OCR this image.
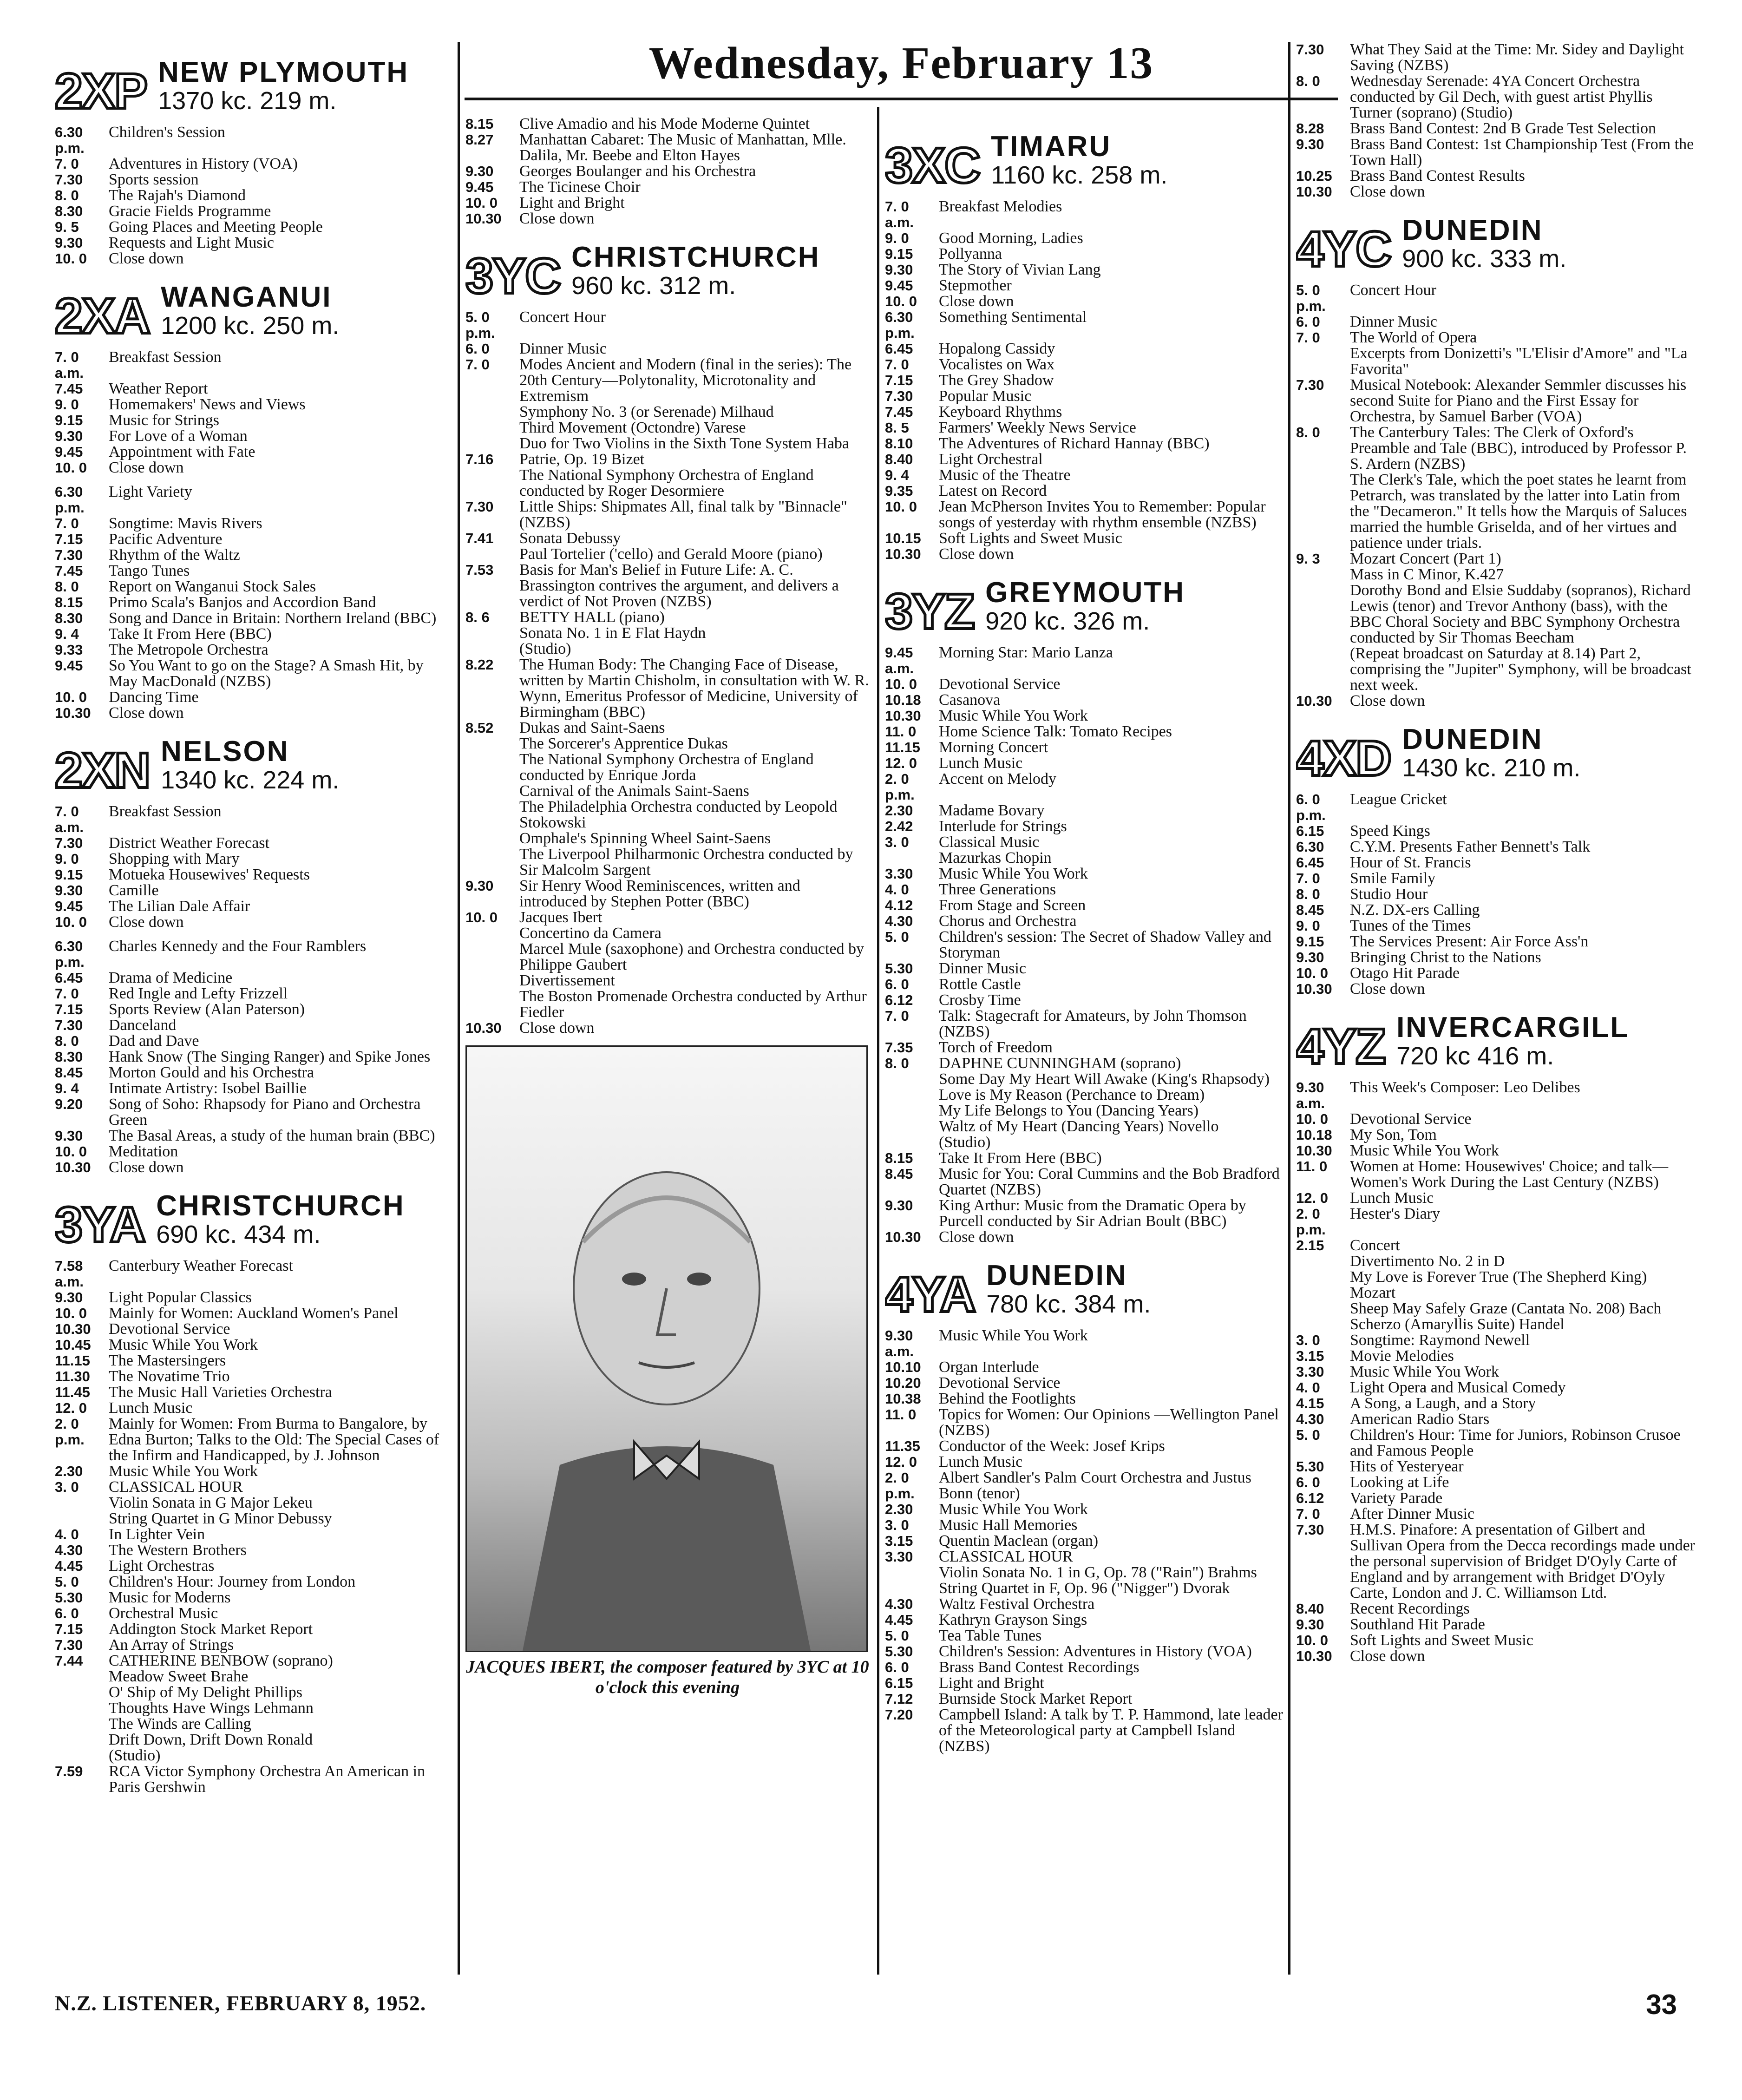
Wednesday, February 13
2XP NEW PLYMOUTH
1370 kc. 219 m.
6.30 p.m.
Children's Session
7. 0	Adventures in History (VOA)
7.30	Sports session
8. 0	The Rajah's Diamond
8.30	Gracie Fields Programme
9. 5	Going Places and Meeting People
9.30	Requests and Light Music
10. 0	Close down
2XA WANGANUI
1200 kc. 250 m.
7. 0 a.m.
Breakfast Session
7.45	Weather Report
9. 0	Homemakers' News and Views
9.15	Music for Strings
9.30	For Love of a Woman
9.45	Appointment with Fate
10. 0	Close down
6.30 p.m.
Light Variety
7. 0	Songtime: Mavis Rivers
7.15	Pacific Adventure
7.30	Rhythm of the Waltz
7.45	Tango Tunes
8. 0	Report on Wanganui Stock Sales
8.15	Primo Scala's Banjos and Accordion Band
8.30	Song and Dance in Britain: Northern Ireland (BBC)
9. 4	Take It From Here (BBC)
9.33	The Metropole Orchestra
9.45	So You Want to go on the Stage? A Smash Hit, by May MacDonald (NZBS)
10. 0	Dancing Time
10.30	Close down
2XN NELSON
1340 kc. 224 m.
7. 0 a.m.
Breakfast Session
7.30	District Weather Forecast
9. 0	Shopping with Mary
9.15	Motueka Housewives' Requests
9.30	Camille
9.45	The Lilian Dale Affair
10. 0	Close down
6.30 p.m.
Charles Kennedy and the Four Ramblers
6.45	Drama of Medicine
7. 0	Red Ingle and Lefty Frizzell
7.15	Sports Review (Alan Paterson)
7.30	Danceland
8. 0	Dad and Dave
8.30	Hank Snow (The Singing Ranger) and Spike Jones
8.45	Morton Gould and his Orchestra
9. 4	Intimate Artistry: Isobel Baillie
9.20	Song of Soho: Rhapsody for Piano and Orchestra Green
9.30	The Basal Areas, a study of the human brain (BBC)
10. 0	Meditation
10.30	Close down
3YA CHRISTCHURCH
690 kc. 434 m.
7.58 a.m.
Canterbury Weather Forecast
9.30	Light Popular Classics
10. 0	Mainly for Women: Auckland Women's Panel
10.30	Devotional Service
10.45	Music While You Work
11.15	The Mastersingers
11.30	The Novatime Trio
11.45	The Music Hall Varieties Orchestra
12. 0	Lunch Music
2. 0 p.m.
Mainly for Women: From Burma to Bangalore, by Edna Burton; Talks to the Old: The Special Cases of the Infirm and Handicapped, by J. Johnson
2.30	Music While You Work
3. 0	CLASSICAL HOUR
Violin Sonata in G Major Lekeu
String Quartet in G Minor Debussy
4. 0	In Lighter Vein
4.30	The Western Brothers
4.45	Light Orchestras
5. 0	Children's Hour: Journey from London
5.30	Music for Moderns
6. 0	Orchestral Music
7.15	Addington Stock Market Report
7.30	An Array of Strings
7.44	CATHERINE BENBOW (soprano)
Meadow Sweet Brahe
O' Ship of My Delight Phillips
Thoughts Have Wings Lehmann
The Winds are Calling
Drift Down, Drift Down Ronald
(Studio)
7.59	RCA Victor Symphony Orchestra An American in Paris Gershwin
8.15	Clive Amadio and his Mode Moderne Quintet
8.27	Manhattan Cabaret: The Music of Manhattan, Mlle. Dalila, Mr. Beebe and Elton Hayes
9.30	Georges Boulanger and his Orchestra
9.45	The Ticinese Choir
10. 0	Light and Bright
10.30	Close down
3YC CHRISTCHURCH
960 kc. 312 m.
5. 0 p.m.
Concert Hour
6. 0	Dinner Music
7. 0	Modes Ancient and Modern (final in the series): The 20th Century—Polytonality, Microtonality and Extremism
Symphony No. 3 (or Serenade) Milhaud
Third Movement (Octondre) Varese
Duo for Two Violins in the Sixth Tone System Haba
7.16	Patrie, Op. 19 Bizet
The National Symphony Orchestra of England conducted by Roger Desormiere
7.30	Little Ships: Shipmates All, final talk by "Binnacle" (NZBS)
7.41	Sonata Debussy
Paul Tortelier ('cello) and Gerald Moore (piano)
7.53	Basis for Man's Belief in Future Life: A. C. Brassington contrives the argument, and delivers a verdict of Not Proven (NZBS)
8. 6	BETTY HALL (piano)
Sonata No. 1 in E Flat Haydn
(Studio)
8.22	The Human Body: The Changing Face of Disease, written by Martin Chisholm, in consultation with W. R. Wynn, Emeritus Professor of Medicine, University of Birmingham (BBC)
8.52	Dukas and Saint-Saens
The Sorcerer's Apprentice Dukas
The National Symphony Orchestra of England conducted by Enrique Jorda
Carnival of the Animals Saint-Saens
The Philadelphia Orchestra conducted by Leopold Stokowski
Omphale's Spinning Wheel Saint-Saens
The Liverpool Philharmonic Orchestra conducted by Sir Malcolm Sargent
9.30	Sir Henry Wood Reminiscences, written and introduced by Stephen Potter (BBC)
10. 0	Jacques Ibert
Concertino da Camera
Marcel Mule (saxophone) and Orchestra conducted by Philippe Gaubert
Divertissement
The Boston Promenade Orchestra conducted by Arthur Fiedler
10.30	Close down
JACQUES IBERT, the composer featured by 3YC at 10 o'clock this evening
3XC TIMARU
1160 kc. 258 m.
7. 0 a.m.
Breakfast Melodies
9. 0	Good Morning, Ladies
9.15	Pollyanna
9.30	The Story of Vivian Lang
9.45	Stepmother
10. 0	Close down
6.30 p.m.
Something Sentimental
6.45	Hopalong Cassidy
7. 0	Vocalistes on Wax
7.15	The Grey Shadow
7.30	Popular Music
7.45	Keyboard Rhythms
8. 5	Farmers' Weekly News Service
8.10	The Adventures of Richard Hannay (BBC)
8.40	Light Orchestral
9. 4	Music of the Theatre
9.35	Latest on Record
10. 0	Jean McPherson Invites You to Remember: Popular songs of yesterday with rhythm ensemble (NZBS)
10.15	Soft Lights and Sweet Music
10.30	Close down
3YZ GREYMOUTH
920 kc. 326 m.
9.45 a.m.
Morning Star: Mario Lanza
10. 0	Devotional Service
10.18	Casanova
10.30	Music While You Work
11. 0	Home Science Talk: Tomato Recipes
11.15	Morning Concert
12. 0	Lunch Music
2. 0 p.m.
Accent on Melody
2.30	Madame Bovary
2.42	Interlude for Strings
3. 0	Classical Music
Mazurkas Chopin
3.30	Music While You Work
4. 0	Three Generations
4.12	From Stage and Screen
4.30	Chorus and Orchestra
5. 0	Children's session: The Secret of Shadow Valley and Storyman
5.30	Dinner Music
6. 0	Rottle Castle
6.12	Crosby Time
7. 0	Talk: Stagecraft for Amateurs, by John Thomson (NZBS)
7.35	Torch of Freedom
8. 0	DAPHNE CUNNINGHAM (soprano)
Some Day My Heart Will Awake (King's Rhapsody)
Love is My Reason (Perchance to Dream)
My Life Belongs to You (Dancing Years)
Waltz of My Heart (Dancing Years) Novello
(Studio)
8.15	Take It From Here (BBC)
8.45	Music for You: Coral Cummins and the Bob Bradford Quartet (NZBS)
9.30	King Arthur: Music from the Dramatic Opera by Purcell conducted by Sir Adrian Boult (BBC)
10.30	Close down
4YA DUNEDIN
780 kc. 384 m.
9.30 a.m.
Music While You Work
10.10	Organ Interlude
10.20	Devotional Service
10.38	Behind the Footlights
11. 0	Topics for Women: Our Opinions —Wellington Panel (NZBS)
11.35	Conductor of the Week: Josef Krips
12. 0	Lunch Music
2. 0 p.m.
Albert Sandler's Palm Court Orchestra and Justus Bonn (tenor)
2.30	Music While You Work
3. 0	Music Hall Memories
3.15	Quentin Maclean (organ)
3.30	CLASSICAL HOUR
Violin Sonata No. 1 in G, Op. 78 ("Rain") Brahms
String Quartet in F, Op. 96 ("Nigger") Dvorak
4.30	Waltz Festival Orchestra
4.45	Kathryn Grayson Sings
5. 0	Tea Table Tunes
5.30	Children's Session: Adventures in History (VOA)
6. 0	Brass Band Contest Recordings
6.15	Light and Bright
7.12	Burnside Stock Market Report
7.20	Campbell Island: A talk by T. P. Hammond, late leader of the Meteorological party at Campbell Island (NZBS)
7.30	What They Said at the Time: Mr. Sidey and Daylight Saving (NZBS)
8. 0	Wednesday Serenade: 4YA Concert Orchestra conducted by Gil Dech, with guest artist Phyllis Turner (soprano) (Studio)
8.28	Brass Band Contest: 2nd B Grade Test Selection
9.30	Brass Band Contest: 1st Championship Test (From the Town Hall)
10.25	Brass Band Contest Results
10.30	Close down
4YC DUNEDIN
900 kc. 333 m.
5. 0 p.m.
Concert Hour
6. 0	Dinner Music
7. 0	The World of Opera
Excerpts from Donizetti's "L'Elisir d'Amore" and "La Favorita"
7.30	Musical Notebook: Alexander Semmler discusses his second Suite for Piano and the First Essay for Orchestra, by Samuel Barber (VOA)
8. 0	The Canterbury Tales: The Clerk of Oxford's Preamble and Tale (BBC), introduced by Professor P. S. Ardern (NZBS)
The Clerk's Tale, which the poet states he learnt from Petrarch, was translated by the latter into Latin from the "Decameron." It tells how the Marquis of Saluces married the humble Griselda, and of her virtues and patience under trials.
9. 3	Mozart Concert (Part 1)
Mass in C Minor, K.427
Dorothy Bond and Elsie Suddaby (sopranos), Richard Lewis (tenor) and Trevor Anthony (bass), with the BBC Choral Society and BBC Symphony Orchestra conducted by Sir Thomas Beecham
(Repeat broadcast on Saturday at 8.14) Part 2, comprising the "Jupiter" Symphony, will be broadcast next week.
10.30	Close down
4XD DUNEDIN
1430 kc. 210 m.
6. 0 p.m.
League Cricket
6.15	Speed Kings
6.30	C.Y.M. Presents Father Bennett's Talk
6.45	Hour of St. Francis
7. 0	Smile Family
8. 0	Studio Hour
8.45	N.Z. DX-ers Calling
9. 0	Tunes of the Times
9.15	The Services Present: Air Force Ass'n
9.30	Bringing Christ to the Nations
10. 0	Otago Hit Parade
10.30	Close down
4YZ INVERCARGILL
720 kc 416 m.
9.30 a.m.
This Week's Composer: Leo Delibes
10. 0	Devotional Service
10.18	My Son, Tom
10.30	Music While You Work
11. 0	Women at Home: Housewives' Choice; and talk—Women's Work During the Last Century (NZBS)
12. 0	Lunch Music
2. 0 p.m.
Hester's Diary
2.15	Concert
Divertimento No. 2 in D
My Love is Forever True (The Shepherd King) Mozart
Sheep May Safely Graze (Cantata No. 208) Bach
Scherzo (Amaryllis Suite) Handel
3. 0	Songtime: Raymond Newell
3.15	Movie Melodies
3.30	Music While You Work
4. 0	Light Opera and Musical Comedy
4.15	A Song, a Laugh, and a Story
4.30	American Radio Stars
5. 0	Children's Hour: Time for Juniors, Robinson Crusoe and Famous People
5.30	Hits of Yesteryear
6. 0	Looking at Life
6.12	Variety Parade
7. 0	After Dinner Music
7.30	H.M.S. Pinafore: A presentation of Gilbert and Sullivan Opera from the Decca recordings made under the personal supervision of Bridget D'Oyly Carte of England and by arrangement with Bridget D'Oyly Carte, London and J. C. Williamson Ltd.
8.40	Recent Recordings
9.30	Southland Hit Parade
10. 0	Soft Lights and Sweet Music
10.30	Close down
N.Z. LISTENER, FEBRUARY 8, 1952.	33
